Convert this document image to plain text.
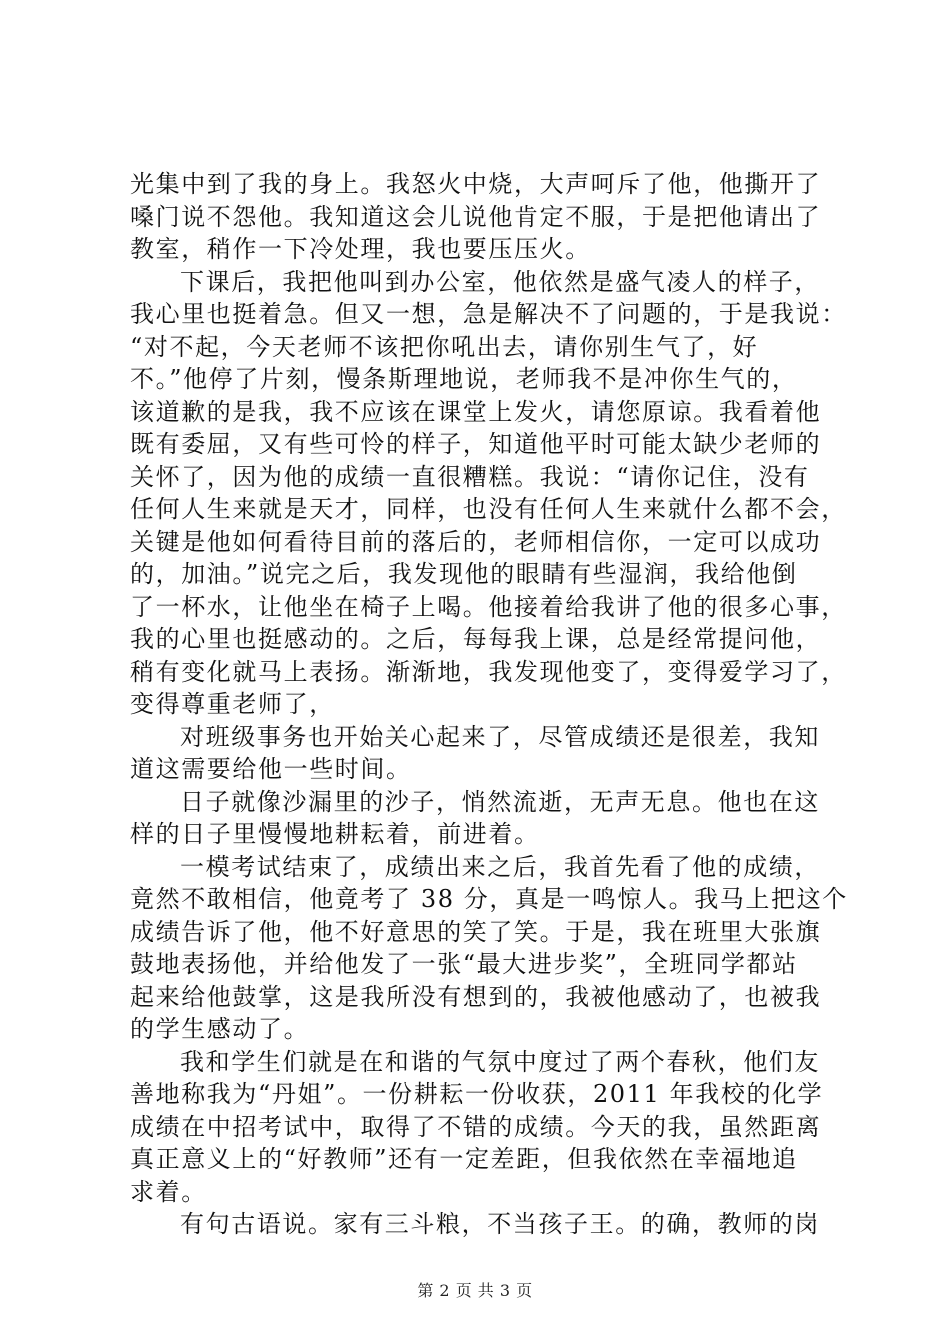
光集中到了我的身上。我怒火中烧，大声呵斥了他，他撕开了
嗓门说不怨他。我知道这会儿说他肯定不服，于是把他请出了
教室，稍作一下冷处理，我也要压压火。
下课后，我把他叫到办公室，他依然是盛气凌人的样子，
我心里也挺着急。但又一想，急是解决不了问题的，于是我说：
“对不起，今天老师不该把你吼出去，请你别生气了，好
不。”他停了片刻，慢条斯理地说，老师我不是冲你生气的，
该道歉的是我，我不应该在课堂上发火，请您原谅。我看着他
既有委屈，又有些可怜的样子，知道他平时可能太缺少老师的
关怀了，因为他的成绩一直很糟糕。我说：“请你记住，没有
任何人生来就是天才，同样，也没有任何人生来就什么都不会，
关键是他如何看待目前的落后的，老师相信你，一定可以成功
的，加油。”说完之后，我发现他的眼睛有些湿润，我给他倒
了一杯水，让他坐在椅子上喝。他接着给我讲了他的很多心事，
我的心里也挺感动的。之后，每每我上课，总是经常提问他，
稍有变化就马上表扬。渐渐地，我发现他变了，变得爱学习了，
变得尊重老师了，
对班级事务也开始关心起来了，尽管成绩还是很差，我知
道这需要给他一些时间。
日子就像沙漏里的沙子，悄然流逝，无声无息。他也在这
样的日子里慢慢地耕耘着，前进着。
一模考试结束了，成绩出来之后，我首先看了他的成绩，
竟然不敢相信，他竟考了 38 分，真是一鸣惊人。我马上把这个
成绩告诉了他，他不好意思的笑了笑。于是，我在班里大张旗
鼓地表扬他，并给他发了一张“最大进步奖”，全班同学都站
起来给他鼓掌，这是我所没有想到的，我被他感动了，也被我
的学生感动了。
我和学生们就是在和谐的气氛中度过了两个春秋，他们友
善地称我为“丹姐”。一份耕耘一份收获，2011 年我校的化学
成绩在中招考试中，取得了不错的成绩。今天的我，虽然距离
真正意义上的“好教师”还有一定差距，但我依然在幸福地追
求着。
有句古语说。家有三斗粮，不当孩子王。的确，教师的岗
第 2 页 共 3 页
